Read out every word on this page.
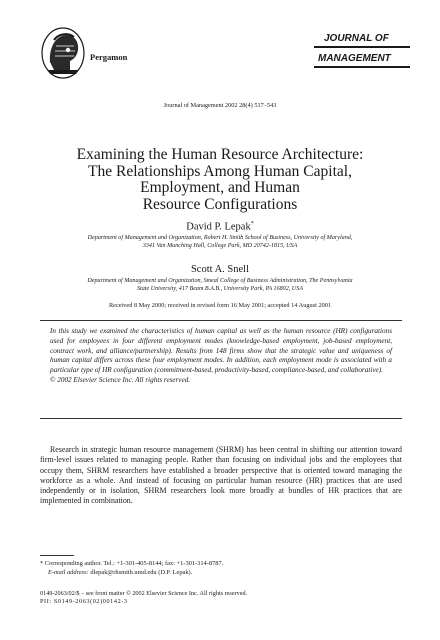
Pergamon
JOURNAL OF
MANAGEMENT
Journal of Management 2002 28(4) 517–543
Examining the Human Resource Architecture:
The Relationships Among Human Capital,
Employment, and Human
Resource Configurations
David P. Lepak*
Department of Management and Organization, Robert H. Smith School of Business, University of Maryland,
3341 Van Munching Hall, College Park, MD 20742-1815, USA
Scott A. Snell
Department of Management and Organization, Smeal College of Business Administration, The Pennsylvania
State University, 417 Beam B.A.B., University Park, PA 16802, USA
Received 8 May 2000; received in revised form 16 May 2001; accepted 14 August 2001
In this study we examined the characteristics of human capital as well as the human resource (HR) configurations used for employees in four different employment modes (knowledge-based employment, job-based employment, contract work, and alliance/partnership). Results from 148 firms show that the strategic value and uniqueness of human capital differs across these four employment modes. In addition, each employment mode is associated with a particular type of HR configuration (commitment-based, productivity-based, compliance-based, and collaborative).
© 2002 Elsevier Science Inc. All rights reserved.

Research in strategic human resource management (SHRM) has been central in shifting our attention toward firm-level issues related to managing people. Rather than focusing on individual jobs and the employees that occupy them, SHRM researchers have established a broader perspective that is oriented toward managing the workforce as a whole. And instead of focusing on particular human resource (HR) practices that are used independently or in isolation, SHRM researchers look more broadly at bundles of HR practices that are implemented in combination.

* Corresponding author. Tel.: +1-301-405-8144; fax: +1-301-314-8787.
E-mail address: dlepak@rhsmith.umd.edu (D.P. Lepak).
0149-2063/02/$ – see front matter © 2002 Elsevier Science Inc. All rights reserved.
PII: S0149-2063(02)00142-3
